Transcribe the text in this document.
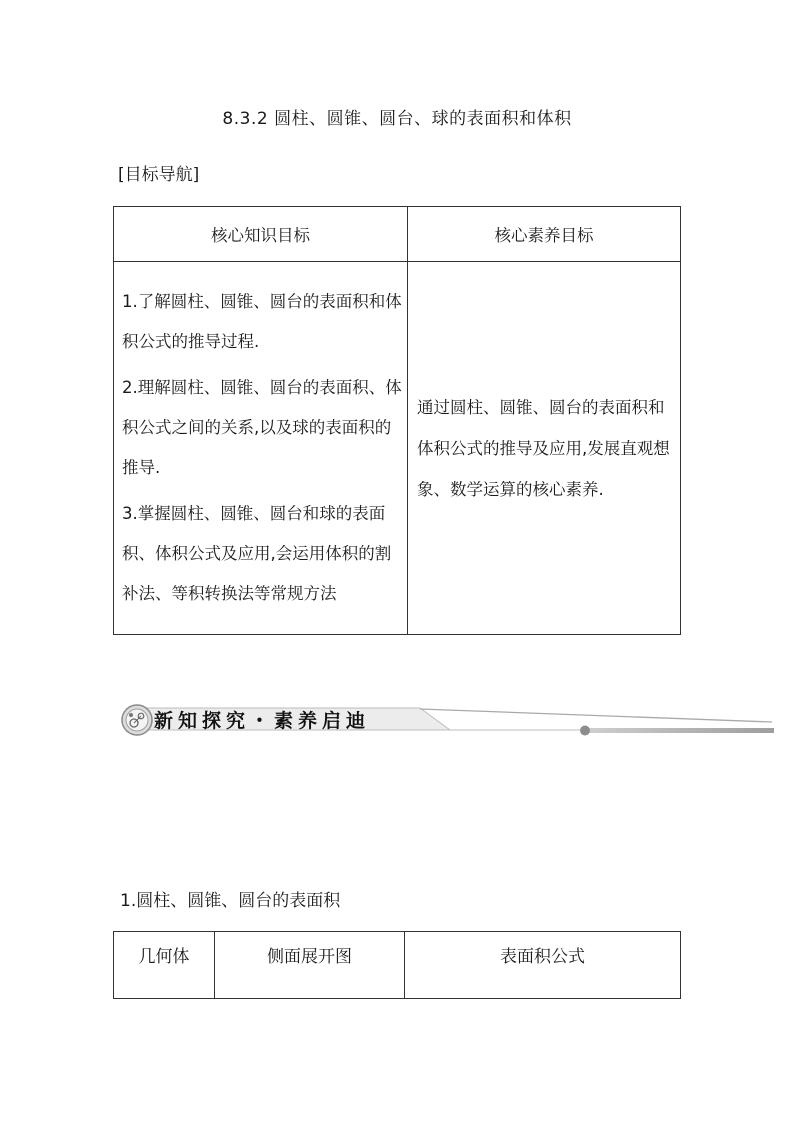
8.3.2 圆柱、圆锥、圆台、球的表面积和体积
[目标导航]
核心知识目标	核心素养目标

1.了解圆柱、圆锥、圆台的表面积和体积公式的推导过程.
2.理解圆柱、圆锥、圆台的表面积、体积公式之间的关系,以及球的表面积的推导.
3.掌握圆柱、圆锥、圆台和球的表面积、体积公式及应用,会运用体积的割补法、等积转换法等常规方法	通过圆柱、圆锥、圆台的表面积和体积公式的推导及应用,发展直观想象、数学运算的核心素养.
新知探究・素养启迪
1.圆柱、圆锥、圆台的表面积
几何体	侧面展开图	表面积公式
